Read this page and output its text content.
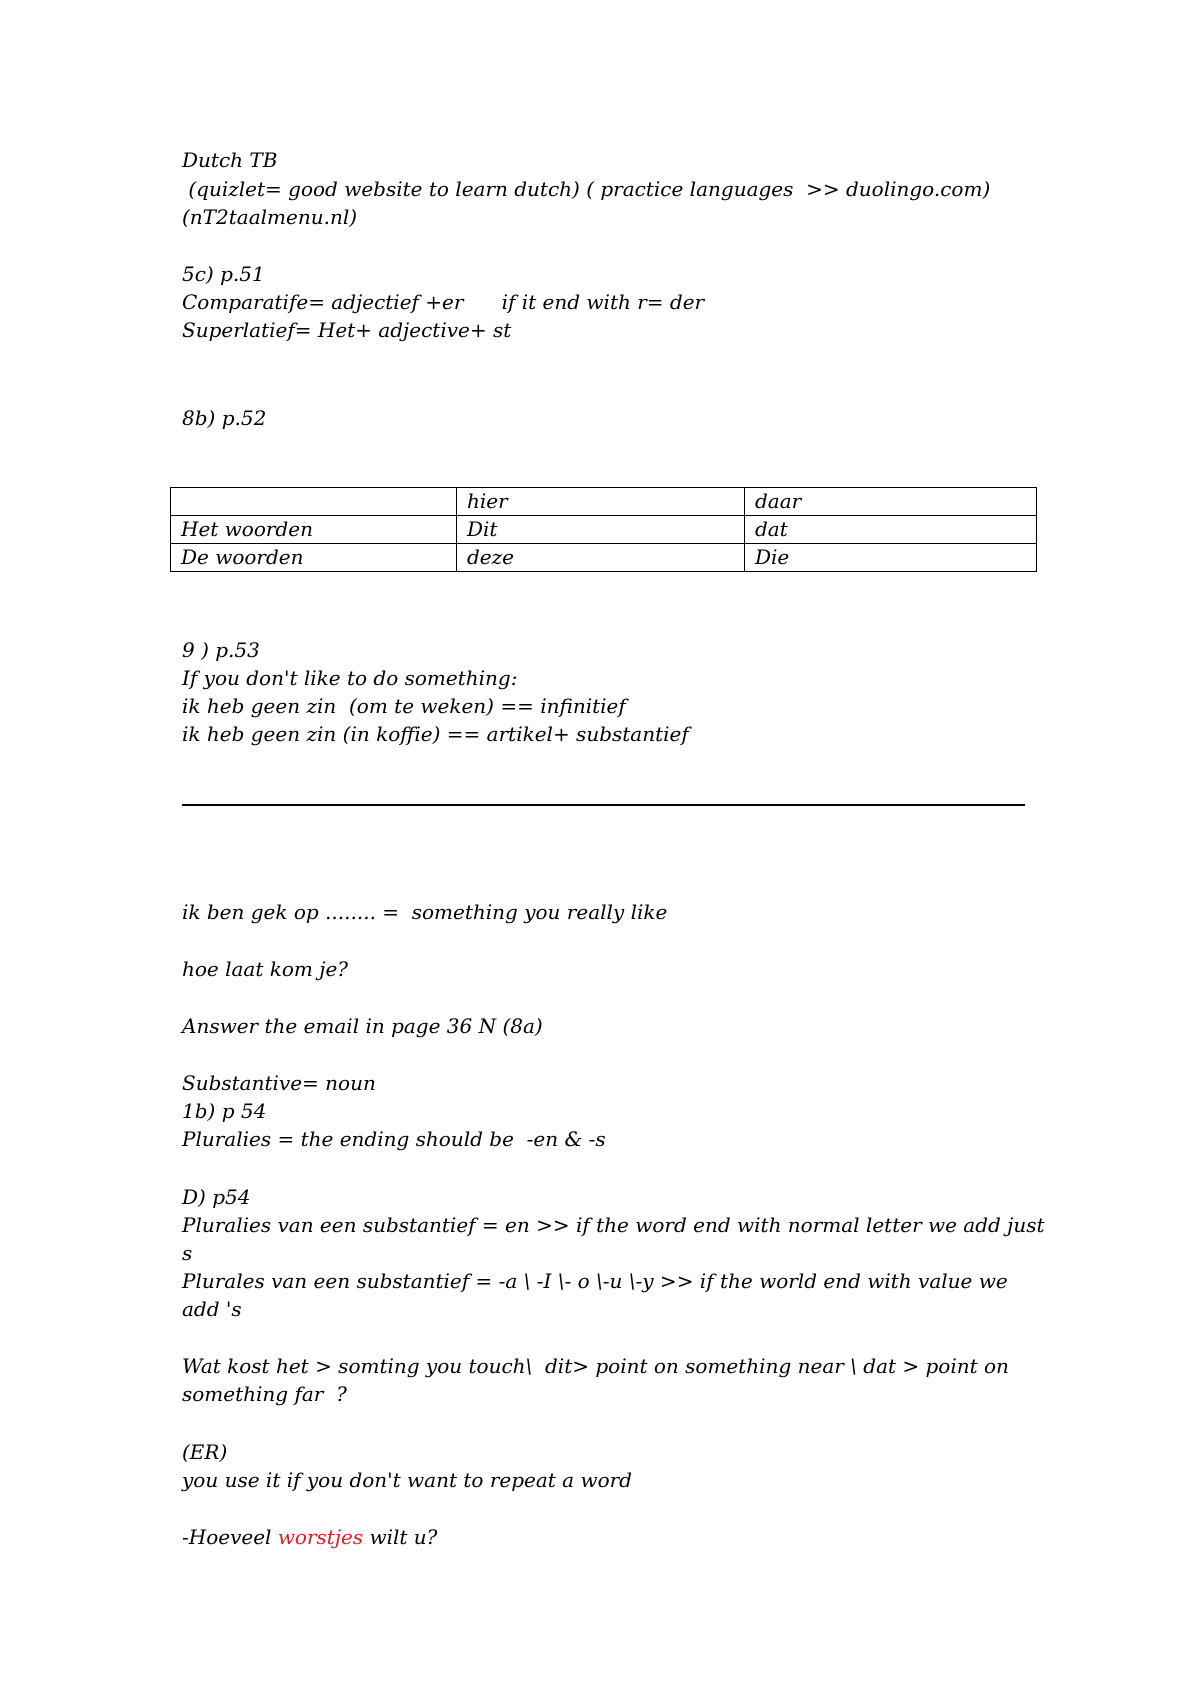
Dutch TB
(quizlet= good website to learn dutch) ( practice languages  >> duolingo.com)
(nT2taalmenu.nl)
5c) p.51
Comparatife= adjectief +er      if it end with r= der
Superlatief= Het+ adjective+ st
8b) p.52
	hier	daar
Het woorden	Dit	dat
De woorden	deze	Die
9 ) p.53
If you don't like to do something:
ik heb geen zin  (om te weken) == infinitief
ik heb geen zin (in koffie) == artikel+ substantief
ik ben gek op ........ =  something you really like
hoe laat kom je?
Answer the email in page 36 N (8a)
Substantive= noun
1b) p 54
Pluralies = the ending should be  -en & -s
D) p54
Pluralies van een substantief = en >> if the word end with normal letter we add just
s
Plurales van een substantief = -a \ -I \- o \-u \-y >> if the world end with value we
add 's
Wat kost het > somting you touch\  dit> point on something near \ dat > point on
something far  ?
(ER)
you use it if you don't want to repeat a word
-Hoeveel worstjes wilt u?
